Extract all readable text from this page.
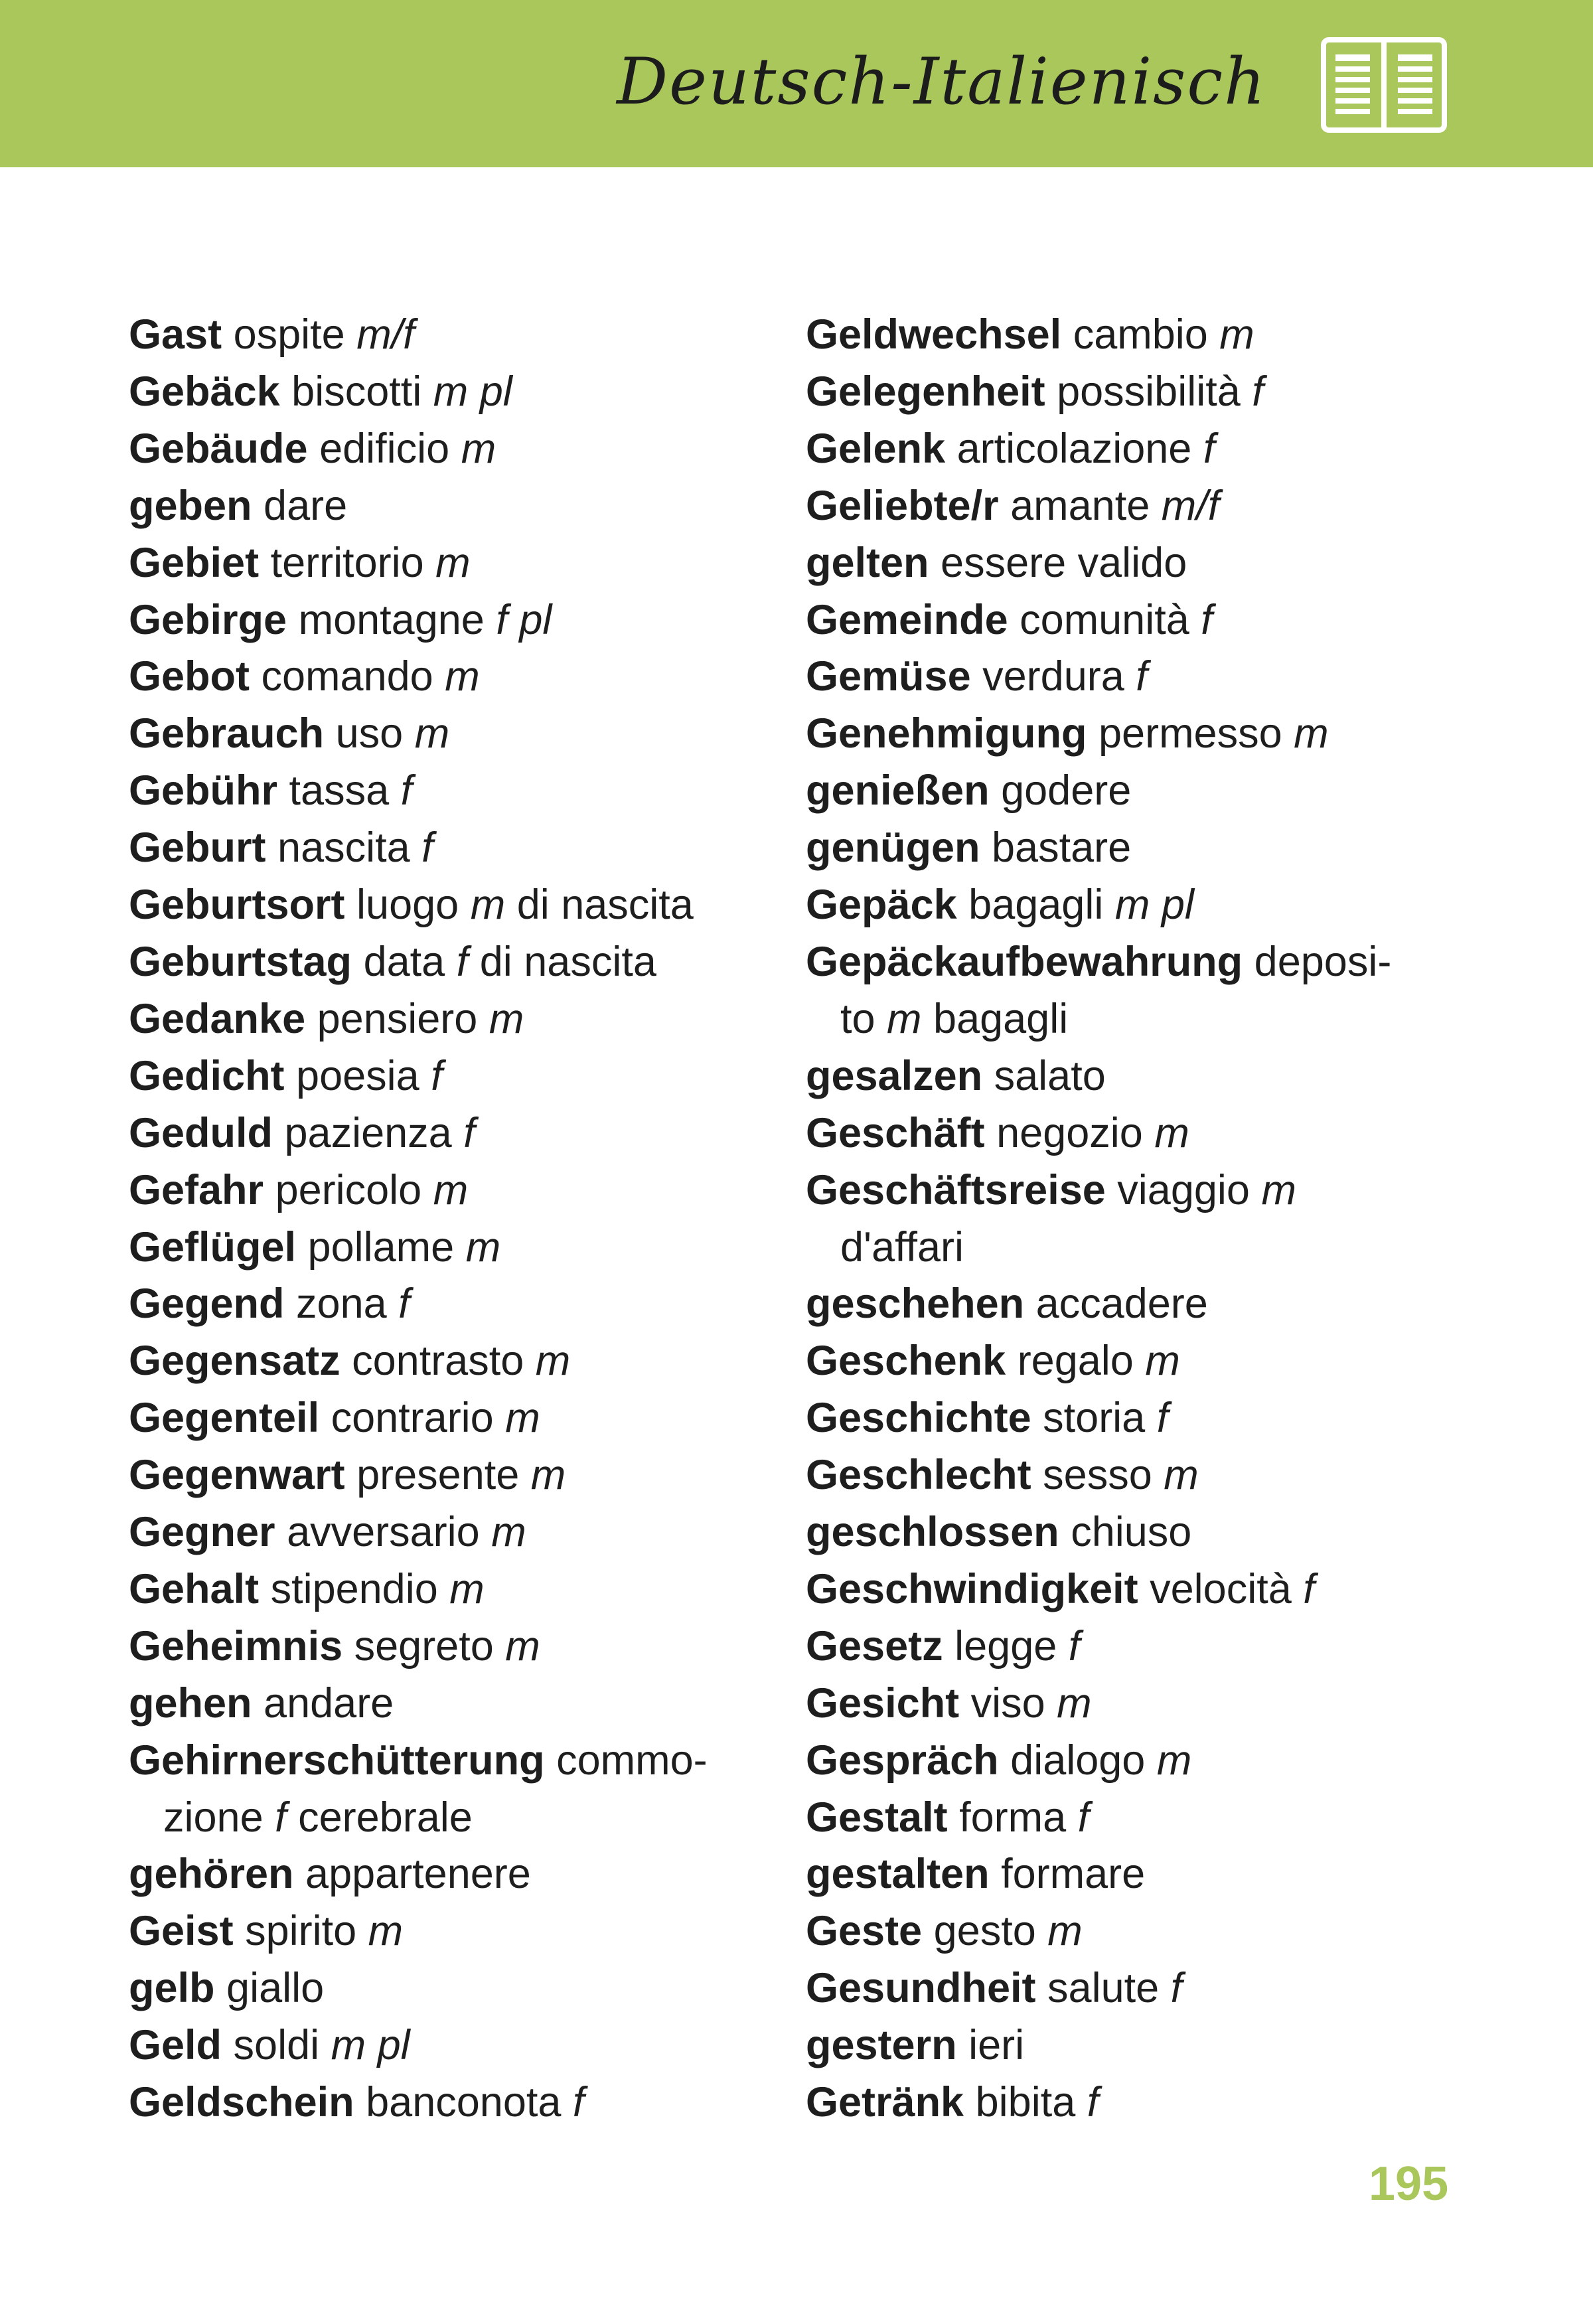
Deutsch-Italienisch
Gast ospite m/f
Gebäck biscotti m pl
Gebäude edificio m
geben dare
Gebiet territorio m
Gebirge montagne f pl
Gebot comando m
Gebrauch uso m
Gebühr tassa f
Geburt nascita f
Geburtsort luogo m di nascita
Geburtstag data f di nascita
Gedanke pensiero m
Gedicht poesia f
Geduld pazienza f
Gefahr pericolo m
Geflügel pollame m
Gegend zona f
Gegensatz contrasto m
Gegenteil contrario m
Gegenwart presente m
Gegner avversario m
Gehalt stipendio m
Geheimnis segreto m
gehen andare
Gehirnerschütterung commo-
zione f cerebrale
gehören appartenere
Geist spirito m
gelb giallo
Geld soldi m pl
Geldschein banconota f
Geldwechsel cambio m
Gelegenheit possibilità f
Gelenk articolazione f
Geliebte/r amante m/f
gelten essere valido
Gemeinde comunità f
Gemüse verdura f
Genehmigung permesso m
genießen godere
genügen bastare
Gepäck bagagli m pl
Gepäckaufbewahrung deposi-
to m bagagli
gesalzen salato
Geschäft negozio m
Geschäftsreise viaggio m
d'affari
geschehen accadere
Geschenk regalo m
Geschichte storia f
Geschlecht sesso m
geschlossen chiuso
Geschwindigkeit velocità f
Gesetz legge f
Gesicht viso m
Gespräch dialogo m
Gestalt forma f
gestalten formare
Geste gesto m
Gesundheit salute f
gestern ieri
Getränk bibita f
195
